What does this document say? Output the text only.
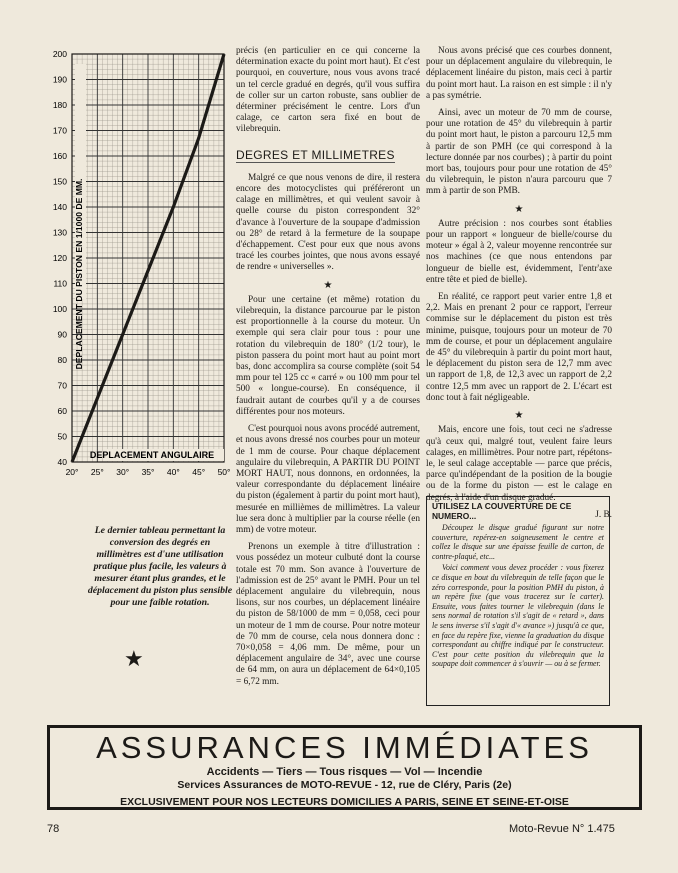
40
50
60
70
80
90
100
110
120
130
140
150
160
170
180
190
200
20° 25° 30° 35° 40° 45° 50°
DEPLACEMENT DU PISTON EN 1/1000 DE MM.
DEPLACEMENT ANGULAIRE
Le dernier tableau permettant la conversion des degrés en millimètres est d'une utilisation pratique plus facile, les valeurs à mesurer étant plus grandes, et le déplacement du piston plus sensible pour une faible rotation.
★

précis (en particulier en ce qui concerne la détermination exacte du point mort haut). Et c'est pourquoi, en couverture, nous vous avons tracé un tel cercle gradué en degrés, qu'il vous suffira de coller sur un carton robuste, sans oublier de déterminer précisément le centre. Lors d'un calage, ce carton sera fixé en bout de vilebrequin.

DEGRES ET MILLIMETRES

Malgré ce que nous venons de dire, il restera encore des motocyclistes qui préféreront un calage en millimètres, et qui veulent savoir à quelle course du piston correspondent 32° d'avance à l'ouverture de la soupape d'admission ou 28° de retard à la fermeture de la soupape d'échappement. C'est pour eux que nous avons tracé les courbes jointes, que nous avons essayé de rendre « universelles ».

★

Pour une certaine (et même) rotation du vilebrequin, la distance parcourue par le piston est proportionnelle à la course du moteur. Un exemple qui sera clair pour tous : pour une rotation du vilebrequin de 180° (1/2 tour), le piston passera du point mort haut au point mort bas, donc accomplira sa course complète (soit 54 mm pour tel 125 cc « carré » ou 100 mm pour tel 500 « longue-course). En conséquence, il faudrait autant de courbes qu'il y a de courses différentes pour nos moteurs.

C'est pourquoi nous avons procédé autrement, et nous avons dressé nos courbes pour un moteur de 1 mm de course. Pour chaque déplacement angulaire du vilebrequin, A PARTIR DU POINT MORT HAUT, nous donnons, en ordonnées, la valeur correspondante du déplacement linéaire du piston (également à partir du point mort haut), mesurée en millièmes de millimètres. La valeur lue sera donc à multiplier par la course réelle (en mm) de votre moteur.

Prenons un exemple à titre d'illustration : vous possédez un moteur culbuté dont la course totale est 70 mm. Son avance à l'ouverture de l'admission est de 25° avant le PMH. Pour un tel déplacement angulaire du vilebrequin, nous lisons, sur nos courbes, un déplacement linéaire du piston de 58/1000 de mm = 0,058, ceci pour un moteur de 1 mm de course. Pour notre moteur de 70 mm de course, cela nous donnera donc : 70×0,058 = 4,06 mm. De même, pour un déplacement angulaire de 34°, avec une course de 64 mm, on aura un déplacement de 64×0,105 = 6,72 mm.

Nous avons précisé que ces courbes donnent, pour un déplacement angulaire du vilebrequin, le déplacement linéaire du piston, mais ceci à partir du point mort haut. La raison en est simple : il n'y a pas symétrie.

Ainsi, avec un moteur de 70 mm de course, pour une rotation de 45° du vilebrequin à partir du point mort haut, le piston a parcouru 12,5 mm à partir de son PMH (ce qui correspond à la lecture donnée par nos courbes) ; à partir du point mort bas, toujours pour pour une rotation de 45° du vilebrequin, le piston n'aura parcouru que 7 mm à partir de son PMB.

★

Autre précision : nos courbes sont établies pour un rapport « longueur de bielle/course du moteur » égal à 2, valeur moyenne rencontrée sur nos machines (ce que nous entendons par longueur de bielle est, évidemment, l'entr'axe entre tête et pied de bielle).

En réalité, ce rapport peut varier entre 1,8 et 2,2. Mais en prenant 2 pour ce rapport, l'erreur commise sur le déplacement du piston est très minime, puisque, toujours pour un moteur de 70 mm de course, et pour un déplacement angulaire de 45° du vilebrequin à partir du point mort haut, le déplacement du piston sera de 12,7 mm avec un rapport de 1,8, de 12,3 avec un rapport de 2,2 contre 12,5 mm avec un rapport de 2. L'écart est donc tout à fait négligeable.

★

Mais, encore une fois, tout ceci ne s'adresse qu'à ceux qui, malgré tout, veulent faire leurs calages, en millimètres. Pour notre part, répétons-le, le seul calage acceptable — parce que précis, parce qu'indépendant de la position de la bougie ou de la forme du piston — est le calage en degrés, à l'aide d'un disque gradué.

J. B.
UTILISEZ LA COUVERTURE DE CE NUMERO...

Découpez le disque gradué figurant sur notre couverture, repérez-en soigneusement le centre et collez le disque sur une épaisse feuille de carton, de contre-plaqué, etc...

Voici comment vous devez procéder : vous fixerez ce disque en bout du vilebrequin de telle façon que le zéro corresponde, pour la position PMH du piston, à un repère fixe (que vous tracerez sur le carter). Ensuite, vous faites tourner le vilebrequin (dans le sens normal de rotation s'il s'agit de « retard », dans le sens inverse s'il s'agit d'« avance ») jusqu'à ce que, en face du repère fixe, vienne la graduation du disque correspondant au chiffre indiqué par le constructeur. C'est pour cette position du vilebrequin que la soupape doit commencer à s'ouvrir — ou à se fermer.

ASSURANCES IMMÉDIATES
Accidents — Tiers — Tous risques — Vol — Incendie
Services Assurances de MOTO-REVUE - 12, rue de Cléry, Paris (2e)
EXCLUSIVEMENT POUR NOS LECTEURS DOMICILIES A PARIS, SEINE ET SEINE-ET-OISE
78	Moto-Revue N° 1.475
